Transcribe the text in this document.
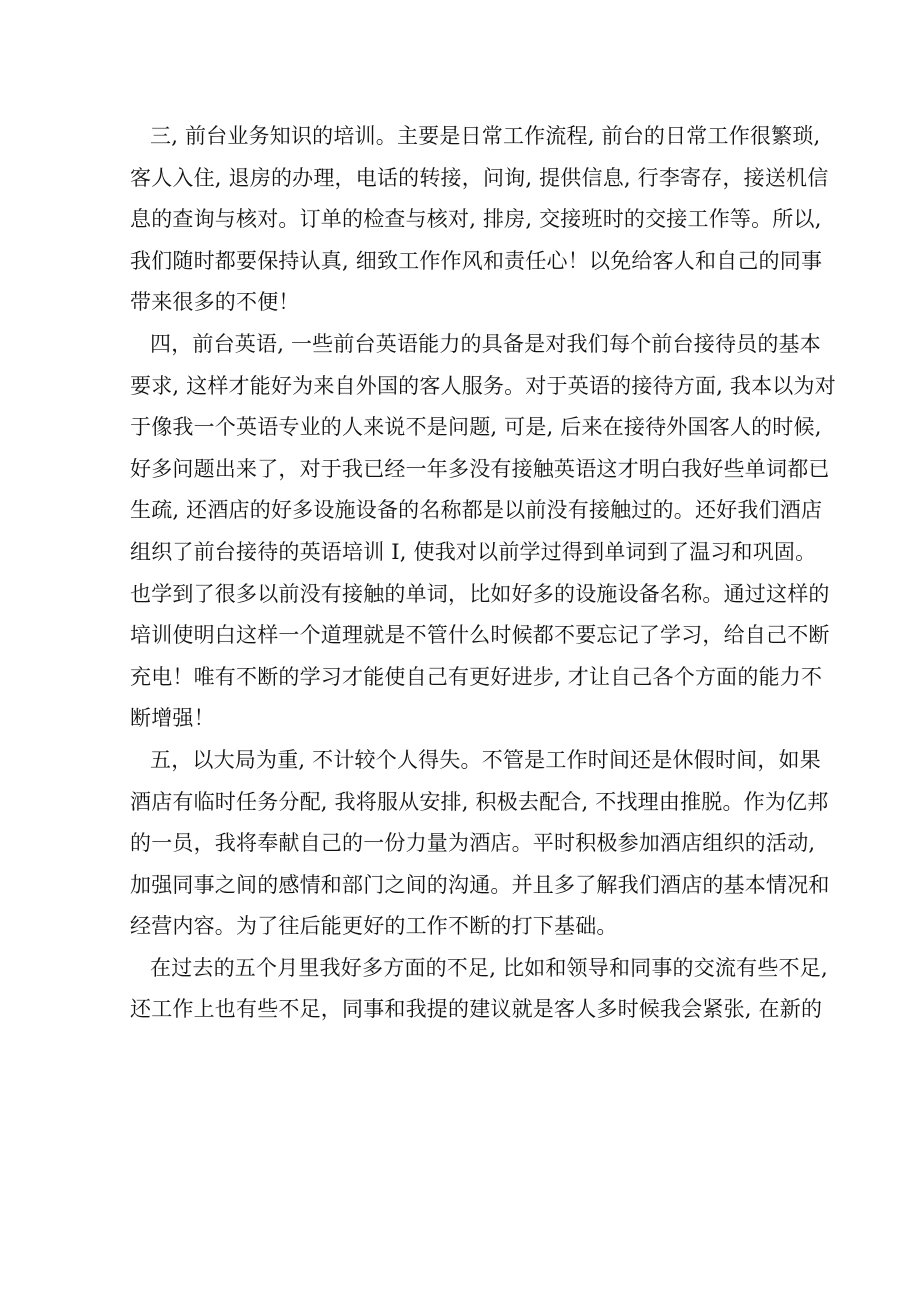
三, 前台业务知识的培训。主要是日常工作流程, 前台的日常工作很繁琐,
客人入住, 退房的办理，电话的转接，问询, 提供信息, 行李寄存，接送机信
息的查询与核对。订单的检查与核对, 排房, 交接班时的交接工作等。所以,
我们随时都要保持认真, 细致工作作风和责任心！以免给客人和自己的同事
带来很多的不便！

四，前台英语, 一些前台英语能力的具备是对我们每个前台接待员的基本
要求, 这样才能好为来自外国的客人服务。对于英语的接待方面, 我本以为对
于像我一个英语专业的人来说不是问题, 可是, 后来在接待外国客人的时候,
好多问题出来了，对于我已经一年多没有接触英语这才明白我好些单词都已
生疏, 还酒店的好多设施设备的名称都是以前没有接触过的。还好我们酒店
组织了前台接待的英语培训 I, 使我对以前学过得到单词到了温习和巩固。
也学到了很多以前没有接触的单词，比如好多的设施设备名称。通过这样的
培训使明白这样一个道理就是不管什么时候都不要忘记了学习，给自己不断
充电！唯有不断的学习才能使自己有更好进步, 才让自己各个方面的能力不
断增强！

五，以大局为重, 不计较个人得失。不管是工作时间还是休假时间，如果
酒店有临时任务分配, 我将服从安排, 积极去配合, 不找理由推脱。作为亿邦
的一员，我将奉献自己的一份力量为酒店。平时积极参加酒店组织的活动,
加强同事之间的感情和部门之间的沟通。并且多了解我们酒店的基本情况和
经营内容。为了往后能更好的工作不断的打下基础。

在过去的五个月里我好多方面的不足, 比如和领导和同事的交流有些不足,
还工作上也有些不足，同事和我提的建议就是客人多时候我会紧张, 在新的
